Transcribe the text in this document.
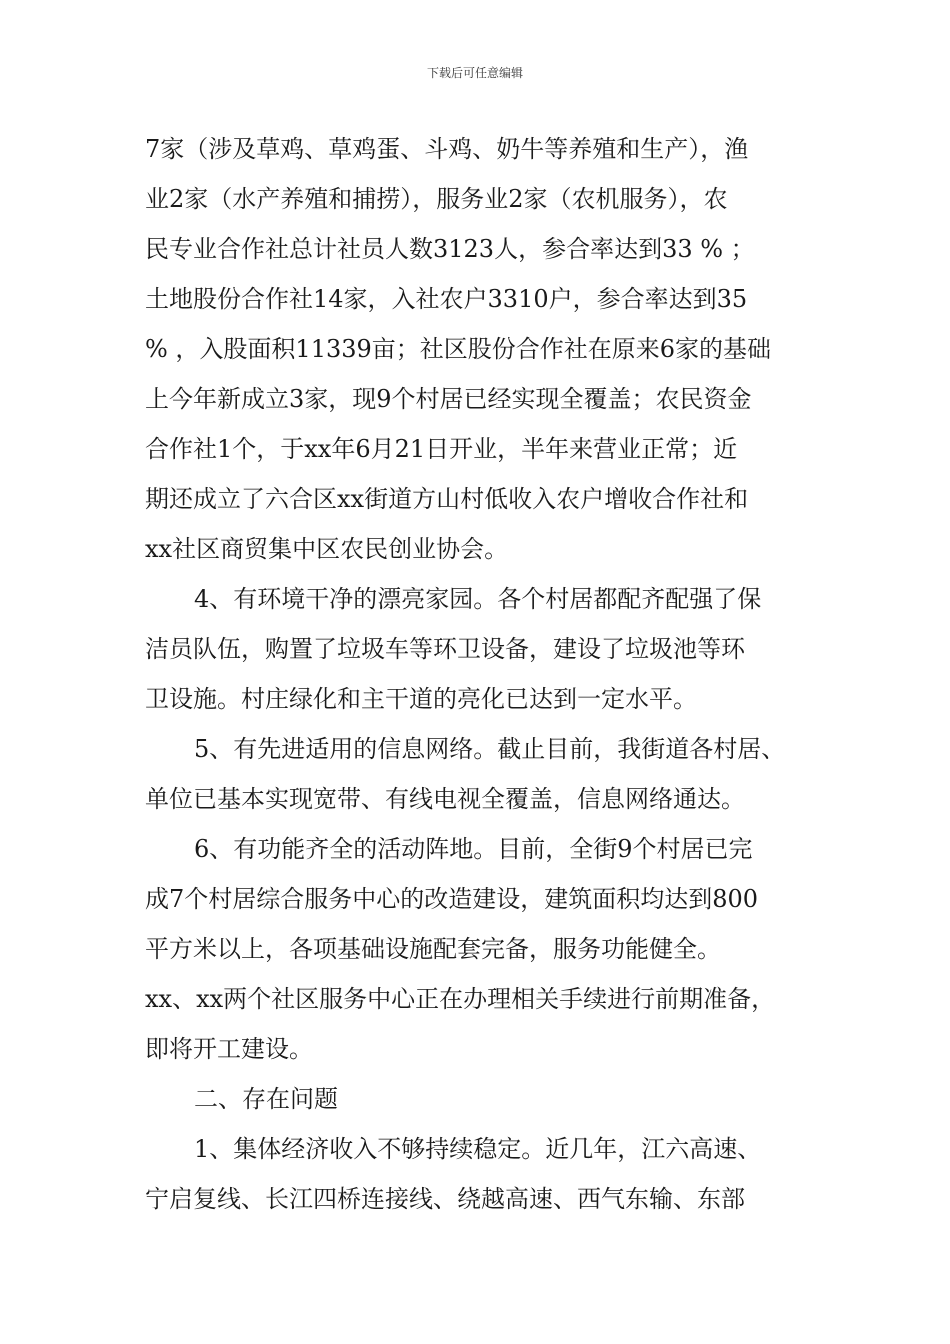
下载后可任意编辑
7家（涉及草鸡、草鸡蛋、斗鸡、奶牛等养殖和生产），渔
业2家（水产养殖和捕捞），服务业2家（农机服务），农
民专业合作社总计社员人数3123人，参合率达到33 % ；
土地股份合作社14家，入社农户3310户，参合率达到35
% ，入股面积11339亩；社区股份合作社在原来6家的基础
上今年新成立3家，现9个村居已经实现全覆盖；农民资金
合作社1个，于xx年6月21日开业，半年来营业正常；近
期还成立了六合区xx街道方山村低收入农户增收合作社和
xx社区商贸集中区农民创业协会。
4、有环境干净的漂亮家园。各个村居都配齐配强了保
洁员队伍，购置了垃圾车等环卫设备，建设了垃圾池等环
卫设施。村庄绿化和主干道的亮化已达到一定水平。
5、有先进适用的信息网络。截止目前，我街道各村居、
单位已基本实现宽带、有线电视全覆盖，信息网络通达。
6、有功能齐全的活动阵地。目前，全街9个村居已完
成7个村居综合服务中心的改造建设，建筑面积均达到800
平方米以上，各项基础设施配套完备，服务功能健全。
xx、xx两个社区服务中心正在办理相关手续进行前期准备，
即将开工建设。
二、存在问题
1、集体经济收入不够持续稳定。近几年，江六高速、
宁启复线、长江四桥连接线、绕越高速、西气东输、东部
